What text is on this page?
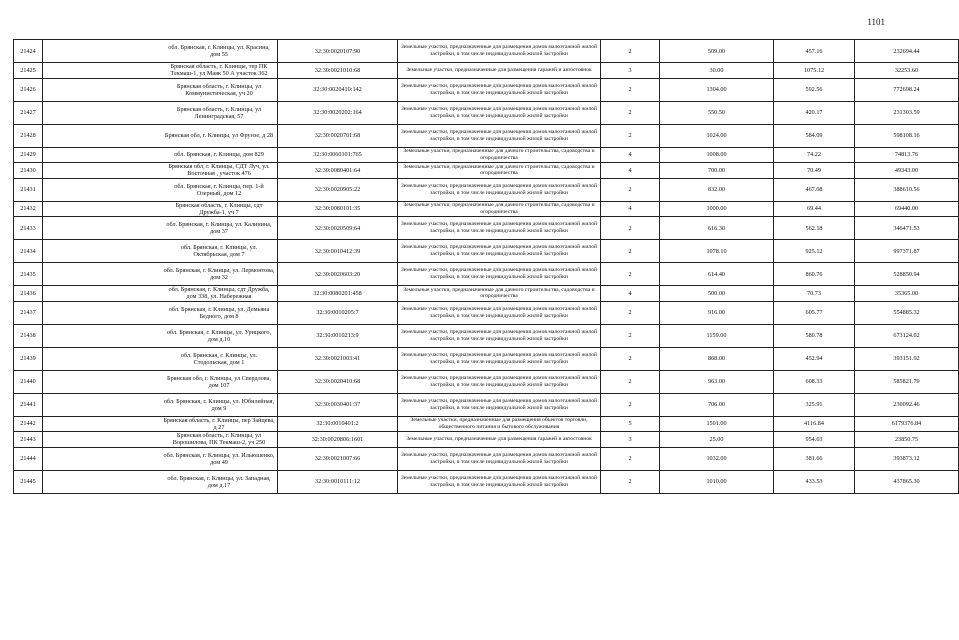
1101
21424	обл. Брянская, г. Клинцы, ул. Красина, дом 55	32:30:0020107:90	Земельные участки, предназначенные для размещения домов малоэтажной жилой застройки, в том числе индивидуальной жилой застройки	2	509.00	457.16	232694.44
21425	Брянская область, г. Клинцы, тер ПК Текмаш-1, ул Маяк 50 А участок 362	32:30:0021010:68	Земельные участки, предназначенные для размещения гаражей и автостоянок	3	30.00	1075.12	32253.60
21426	Брянская область, г. Клинцы, ул Коммунистическая, уч 20	32:30:0020410:142	Земельные участки, предназначенные для размещения домов малоэтажной жилой застройки, в том числе индивидуальной жилой застройки	2	1304.00	592.56	772698.24
21427	Брянская область, г. Клинцы, ул Ленинградская, 57	32:30:0020202:164	Земельные участки, предназначенные для размещения домов малоэтажной жилой застройки, в том числе индивидуальной жилой застройки	2	550.50	420.17	231303.59
21428	Брянская обл, г. Клинцы, ул Фрунзе, д 28	32:30:0020701:68	Земельные участки, предназначенные для размещения домов малоэтажной жилой застройки, в том числе индивидуальной жилой застройки	2	1024.00	584.09	598108.16
21429	обл. Брянская, г. Клинцы, дом 829	32:30:0060101:765	Земельные участки, предназначенные для дачного строительства, садоводства и огородничества	4	1008.00	74.22	74813.76
21430	Брянская обл, г. Клинцы, СДТ Луч, ул. Восточная , участок 476	32:30:0080401:64	Земельные участки, предназначенные для дачного строительства, садоводства и огородничества	4	700.00	70.49	49343.00
21431	обл. Брянская, г. Клинцы, пер. 1-й Озерный, дом 12	32:30:0020905:22	Земельные участки, предназначенные для размещения домов малоэтажной жилой застройки, в том числе индивидуальной жилой застройки	2	832.00	467.08	388610.56
21432	Брянская область, г. Клинцы, сдт Дружба-1, уч 7	32:30:0080101:35	Земельные участки, предназначенные для дачного строительства, садоводства и огородничества	4	1000.00	69.44	69440.00
21433	обл. Брянская, г. Клинцы, ул. Калинина, дом 37	32:30:0020509:64	Земельные участки, предназначенные для размещения домов малоэтажной жилой застройки, в том числе индивидуальной жилой застройки	2	616.30	562.18	346471.53
21434	обл. Брянская, г. Клинцы, ул. Октябрьская, дом 7	32:30:0010412:39	Земельные участки, предназначенные для размещения домов малоэтажной жилой застройки, в том числе индивидуальной жилой застройки	2	1078.10	925.12	997371.87
21435	обл. Брянская, г. Клинцы, ул. Лермонтова, дом 32	32:30:0020603:20	Земельные участки, предназначенные для размещения домов малоэтажной жилой застройки, в том числе индивидуальной жилой застройки	2	614.40	860.76	528850.94
21436	обл. Брянская, г. Клинцы, сдт Дружба, дом 338, ул. Набережная	32:30:0080201:458	Земельные участки, предназначенные для дачного строительства, садоводства и огородничества	4	500.00	70.73	35365.00
21437	обл. Брянская, г. Клинцы, ул. Демьяна Бедного, дом 8	32:30:0010205:7	Земельные участки, предназначенные для размещения домов малоэтажной жилой застройки, в том числе индивидуальной жилой застройки	2	916.00	605.77	554885.32
21438	обл. Брянская, г. Клинцы, ул. Урицкого, дом д.10	32:30:0010213:9	Земельные участки, предназначенные для размещения домов малоэтажной жилой застройки, в том числе индивидуальной жилой застройки	2	1159.00	580.78	673124.02
21439	обл. Брянская, г. Клинцы, ул. Стодольская, дом 1	32:30:0021003:41	Земельные участки, предназначенные для размещения домов малоэтажной жилой застройки, в том числе индивидуальной жилой застройки	2	868.00	452.94	393151.92
21440	Брянская обл, г. Клинцы, ул Свердлова, дом 107	32:30:0020410:68	Земельные участки, предназначенные для размещения домов малоэтажной жилой застройки, в том числе индивидуальной жилой застройки	2	963.00	608.33	585821.79
21441	обл. Брянская, г. Клинцы, ул. Юбилейная, дом 9	32:30:0030401:37	Земельные участки, предназначенные для размещения домов малоэтажной жилой застройки, в том числе индивидуальной жилой застройки	2	706.00	325.91	230092.46
21442	Брянская область, г. Клинцы, пер Зайцева, д 27	32:30:0010401:2	Земельные участки, предназначенные для размещения объектов торговли, общественного питания и бытового обслуживания	5	1501.00	4116.84	6179376.84
21443	Брянская область, г. Клинцы, ул Ворошилова, ПК Текмаш-2, уч 250	32:30:0020806:1601	Земельные участки, предназначенные для размещения гаражей и автостоянок	3	25.00	954.03	23850.75
21444	обл. Брянская, г. Клинцы, ул. Ильюшенко, дом 49	32:30:0021007:66	Земельные участки, предназначенные для размещения домов малоэтажной жилой застройки, в том числе индивидуальной жилой застройки	2	1032.00	381.66	393873.12
21445	обл. Брянская, г. Клинцы, ул. Западная, дом д.17	32:30:0010111:12	Земельные участки, предназначенные для размещения домов малоэтажной жилой застройки, в том числе индивидуальной жилой застройки	2	1010.00	433.53	437865.30
